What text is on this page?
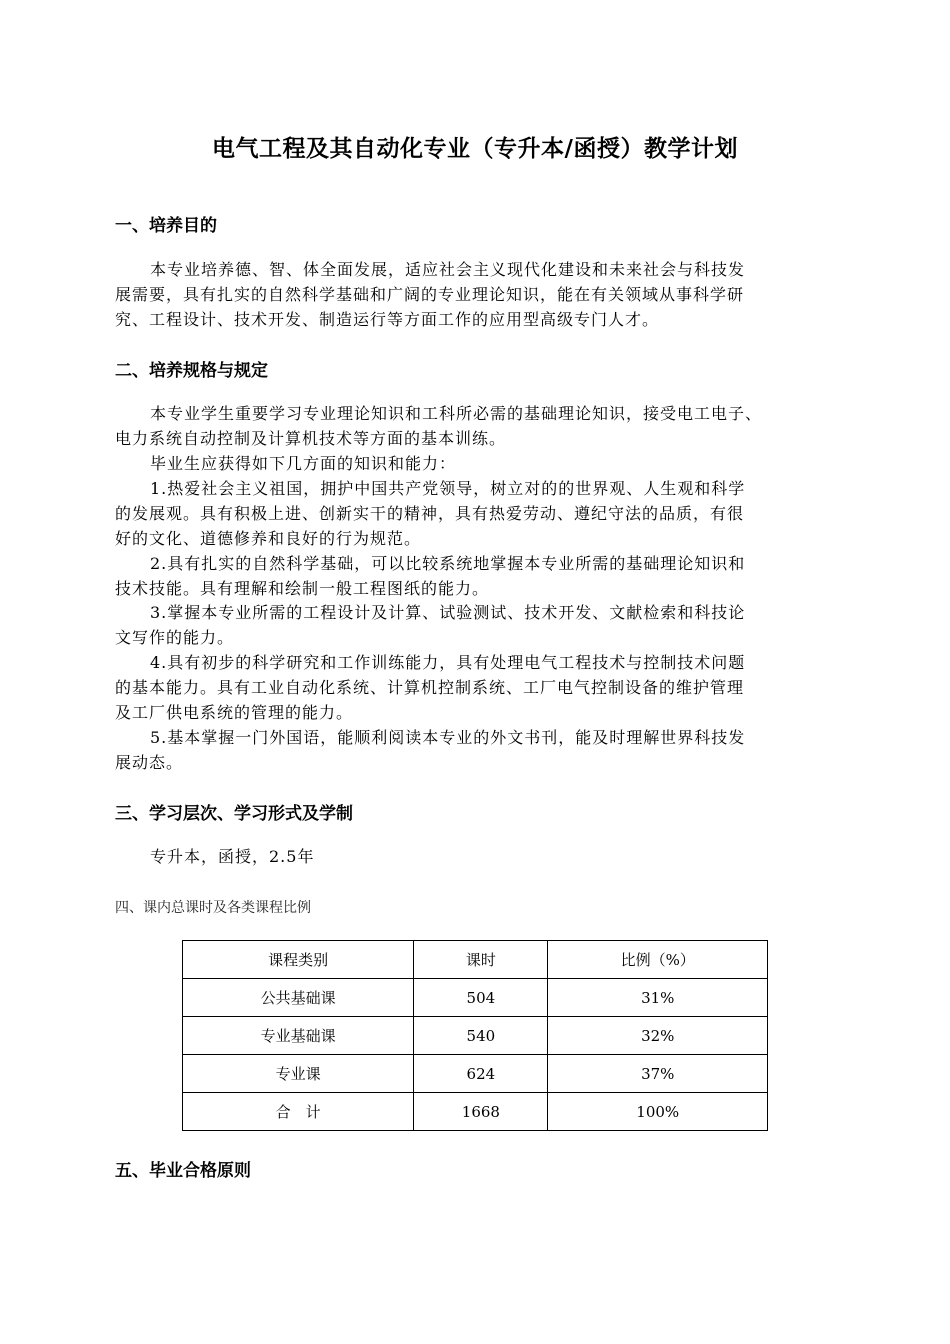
电气工程及其自动化专业（专升本/函授）教学计划
一、培养目的
本专业培养德、智、体全面发展，适应社会主义现代化建设和未来社会与科技发
展需要，具有扎实的自然科学基础和广阔的专业理论知识，能在有关领域从事科学研
究、工程设计、技术开发、制造运行等方面工作的应用型高级专门人才。
二、培养规格与规定
本专业学生重要学习专业理论知识和工科所必需的基础理论知识，接受电工电子、
电力系统自动控制及计算机技术等方面的基本训练。
毕业生应获得如下几方面的知识和能力：
1.热爱社会主义祖国，拥护中国共产党领导，树立对的的世界观、人生观和科学
的发展观。具有积极上进、创新实干的精神，具有热爱劳动、遵纪守法的品质，有很
好的文化、道德修养和良好的行为规范。
2.具有扎实的自然科学基础，可以比较系统地掌握本专业所需的基础理论知识和
技术技能。具有理解和绘制一般工程图纸的能力。
3.掌握本专业所需的工程设计及计算、试验测试、技术开发、文献检索和科技论
文写作的能力。
4.具有初步的科学研究和工作训练能力，具有处理电气工程技术与控制技术问题
的基本能力。具有工业自动化系统、计算机控制系统、工厂电气控制设备的维护管理
及工厂供电系统的管理的能力。
5.基本掌握一门外国语，能顺利阅读本专业的外文书刊，能及时理解世界科技发
展动态。
三、学习层次、学习形式及学制
专升本，函授，2.5年
四、课内总课时及各类课程比例
课程类别	课时	比例（%）
公共基础课	504	31%
专业基础课	540	32%
专业课	624	37%
合　计	1668	100%
五、毕业合格原则
